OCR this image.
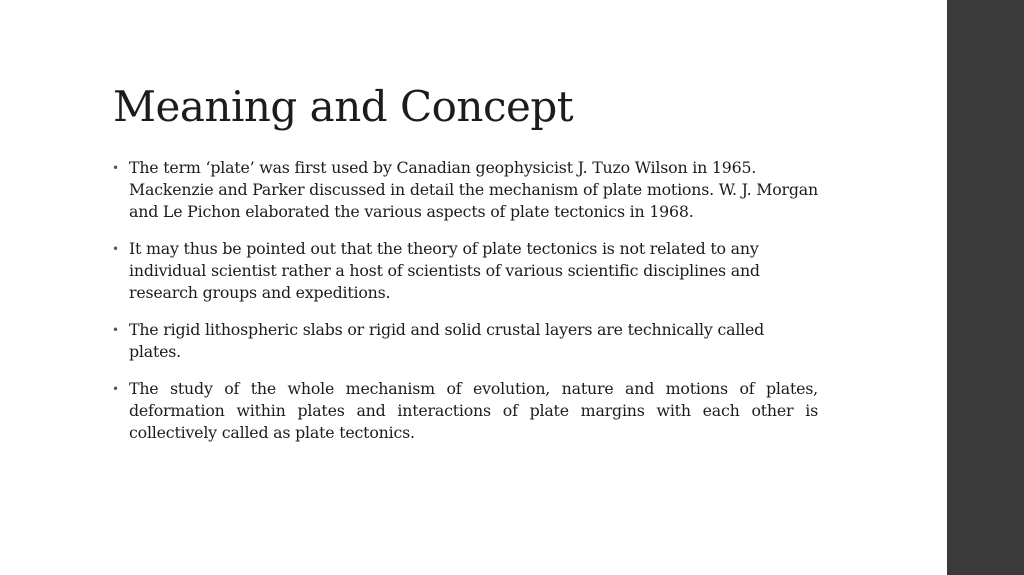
Meaning and Concept
• The term ‘plate’ was first used by Canadian geophysicist J. Tuzo Wilson in 1965. Mackenzie and Parker discussed in detail the mechanism of plate motions. W. J. Morgan and Le Pichon elaborated the various aspects of plate tectonics in 1968.
• It may thus be pointed out that the theory of plate tectonics is not related to any individual scientist rather a host of scientists of various scientific disciplines and research groups and expeditions.
• The rigid lithospheric slabs or rigid and solid crustal layers are technically called plates.
• The study of the whole mechanism of evolution, nature and motions of plates, deformation within plates and interactions of plate margins with each other is collectively called as plate tectonics.
